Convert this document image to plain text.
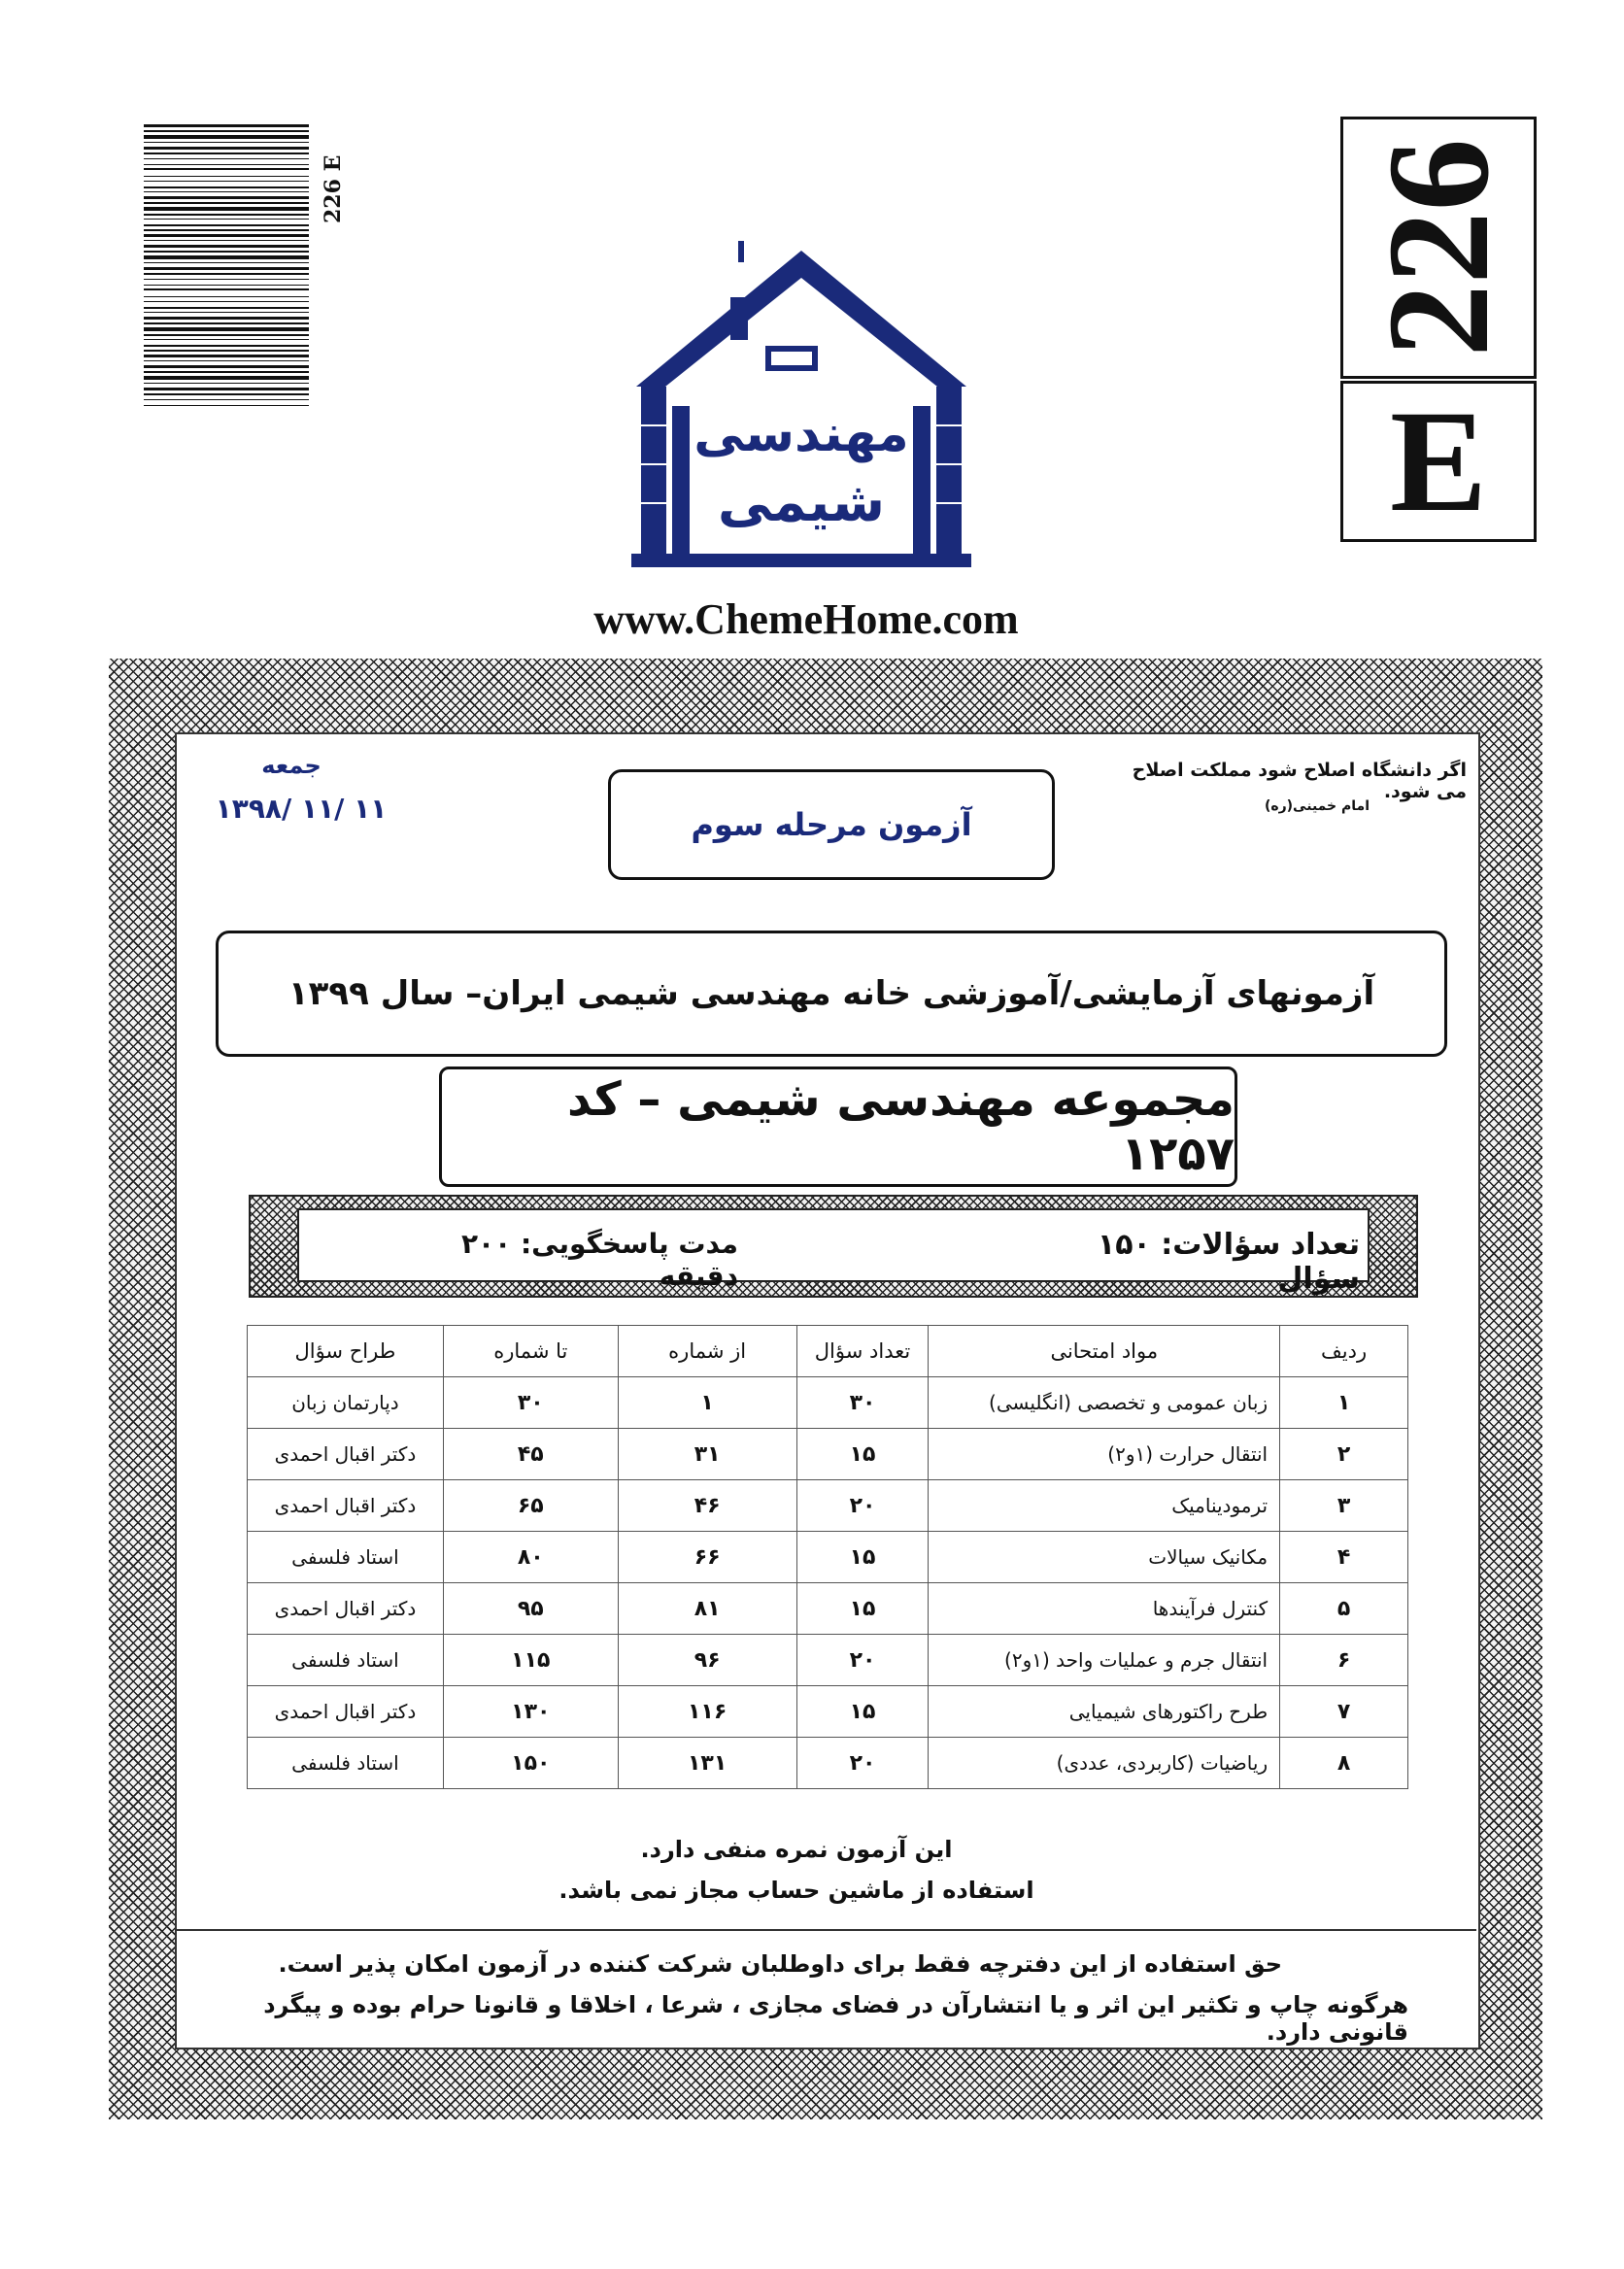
226 E
مهندسی
شیمی
www.ChemeHome.com
226
E
اگر دانشگاه اصلاح شود مملکت اصلاح می شود.
امام خمینی(ره)
جمعه
۱۱ /۱۱ /۱۳۹۸	آزمون مرحله سوم
آزمونهای آزمایشی/آموزشی خانه مهندسی شیمی ایران– سال ۱۳۹۹
مجموعه مهندسی شیمی – کد ۱۲۵۷
تعداد سؤالات: ۱۵۰ سؤال
مدت پاسخگویی: ۲۰۰ دقیقه
ردیف	مواد امتحانی	تعداد سؤال	از شماره	تا شماره	طراح سؤال
۱	زبان عمومی و تخصصی (انگلیسی)	۳۰	۱	۳۰	دپارتمان زبان
۲	انتقال حرارت (۱و۲)	۱۵	۳۱	۴۵	دکتر اقبال احمدی
۳	ترمودینامیک	۲۰	۴۶	۶۵	دکتر اقبال احمدی
۴	مکانیک سیالات	۱۵	۶۶	۸۰	استاد فلسفی
۵	کنترل فرآیندها	۱۵	۸۱	۹۵	دکتر اقبال احمدی
۶	انتقال جرم و عملیات واحد (۱و۲)	۲۰	۹۶	۱۱۵	استاد فلسفی
۷	طرح راکتورهای شیمیایی	۱۵	۱۱۶	۱۳۰	دکتر اقبال احمدی
۸	ریاضیات (کاربردی، عددی)	۲۰	۱۳۱	۱۵۰	استاد فلسفی
این آزمون نمره منفی دارد.
استفاده از ماشین حساب مجاز نمی باشد.
حق استفاده از این دفترچه فقط برای داوطلبان شرکت کننده در آزمون امکان پذیر است.
هرگونه چاپ و تکثیر این اثر و یا انتشارآن در فضای مجازی ، شرعا ، اخلاقا و قانونا حرام بوده و پیگرد قانونی دارد.
